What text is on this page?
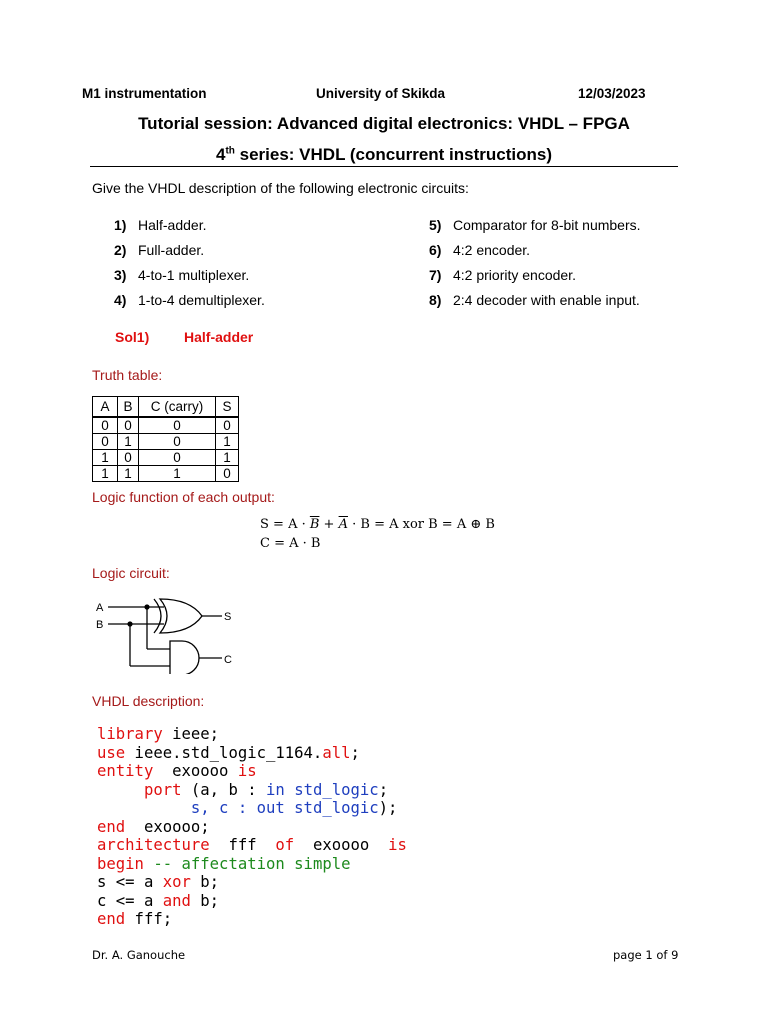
M1 instrumentation	University of Skikda	12/03/2023
Tutorial session: Advanced digital electronics: VHDL – FPGA
4th series: VHDL (concurrent instructions)
Give the VHDL description of the following electronic circuits:
1) Half-adder.
2) Full-adder.
3) 4-to-1 multiplexer.
4) 1-to-4 demultiplexer.
5) Comparator for 8-bit numbers.
6) 4:2 encoder.
7) 4:2 priority encoder.
8) 2:4 decoder with enable input.
Sol1) Half-adder
Truth table:
A	B	C (carry)	S
0	0	0	0
0	1	0	1
1	0	0	1
1	1	1	0
Logic function of each output:
$S = A \cdot \overline{B} + \overline{A} \cdot B = A$ xor B = A ⊕ B
C = A · B
Logic circuit:
A
B
S
C
VHDL description:
library ieee;
use ieee.std_logic_1164.all;
entity  exoooo is
port (a, b : in std_logic;
s, c : out std_logic);
end  exoooo;
architecture  fff  of  exoooo  is
begin -- affectation simple
s <= a xor b;
c <= a and b;
end fff;
Dr. A. Ganouche	page 1 of 9
